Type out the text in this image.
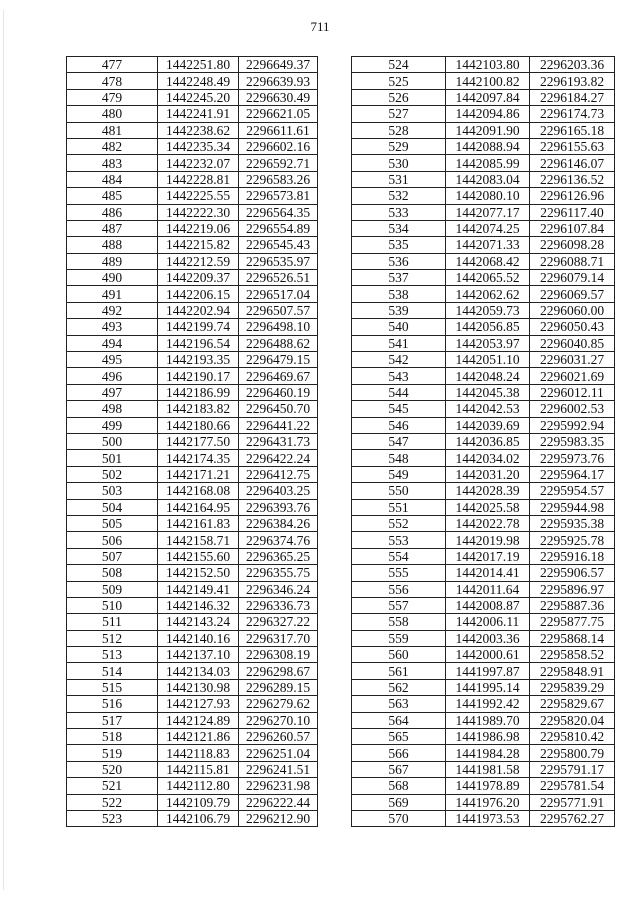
711
477	1442251.80	2296649.37
478	1442248.49	2296639.93
479	1442245.20	2296630.49
480	1442241.91	2296621.05
481	1442238.62	2296611.61
482	1442235.34	2296602.16
483	1442232.07	2296592.71
484	1442228.81	2296583.26
485	1442225.55	2296573.81
486	1442222.30	2296564.35
487	1442219.06	2296554.89
488	1442215.82	2296545.43
489	1442212.59	2296535.97
490	1442209.37	2296526.51
491	1442206.15	2296517.04
492	1442202.94	2296507.57
493	1442199.74	2296498.10
494	1442196.54	2296488.62
495	1442193.35	2296479.15
496	1442190.17	2296469.67
497	1442186.99	2296460.19
498	1442183.82	2296450.70
499	1442180.66	2296441.22
500	1442177.50	2296431.73
501	1442174.35	2296422.24
502	1442171.21	2296412.75
503	1442168.08	2296403.25
504	1442164.95	2296393.76
505	1442161.83	2296384.26
506	1442158.71	2296374.76
507	1442155.60	2296365.25
508	1442152.50	2296355.75
509	1442149.41	2296346.24
510	1442146.32	2296336.73
511	1442143.24	2296327.22
512	1442140.16	2296317.70
513	1442137.10	2296308.19
514	1442134.03	2296298.67
515	1442130.98	2296289.15
516	1442127.93	2296279.62
517	1442124.89	2296270.10
518	1442121.86	2296260.57
519	1442118.83	2296251.04
520	1442115.81	2296241.51
521	1442112.80	2296231.98
522	1442109.79	2296222.44
523	1442106.79	2296212.90
524	1442103.80	2296203.36
525	1442100.82	2296193.82
526	1442097.84	2296184.27
527	1442094.86	2296174.73
528	1442091.90	2296165.18
529	1442088.94	2296155.63
530	1442085.99	2296146.07
531	1442083.04	2296136.52
532	1442080.10	2296126.96
533	1442077.17	2296117.40
534	1442074.25	2296107.84
535	1442071.33	2296098.28
536	1442068.42	2296088.71
537	1442065.52	2296079.14
538	1442062.62	2296069.57
539	1442059.73	2296060.00
540	1442056.85	2296050.43
541	1442053.97	2296040.85
542	1442051.10	2296031.27
543	1442048.24	2296021.69
544	1442045.38	2296012.11
545	1442042.53	2296002.53
546	1442039.69	2295992.94
547	1442036.85	2295983.35
548	1442034.02	2295973.76
549	1442031.20	2295964.17
550	1442028.39	2295954.57
551	1442025.58	2295944.98
552	1442022.78	2295935.38
553	1442019.98	2295925.78
554	1442017.19	2295916.18
555	1442014.41	2295906.57
556	1442011.64	2295896.97
557	1442008.87	2295887.36
558	1442006.11	2295877.75
559	1442003.36	2295868.14
560	1442000.61	2295858.52
561	1441997.87	2295848.91
562	1441995.14	2295839.29
563	1441992.42	2295829.67
564	1441989.70	2295820.04
565	1441986.98	2295810.42
566	1441984.28	2295800.79
567	1441981.58	2295791.17
568	1441978.89	2295781.54
569	1441976.20	2295771.91
570	1441973.53	2295762.27
